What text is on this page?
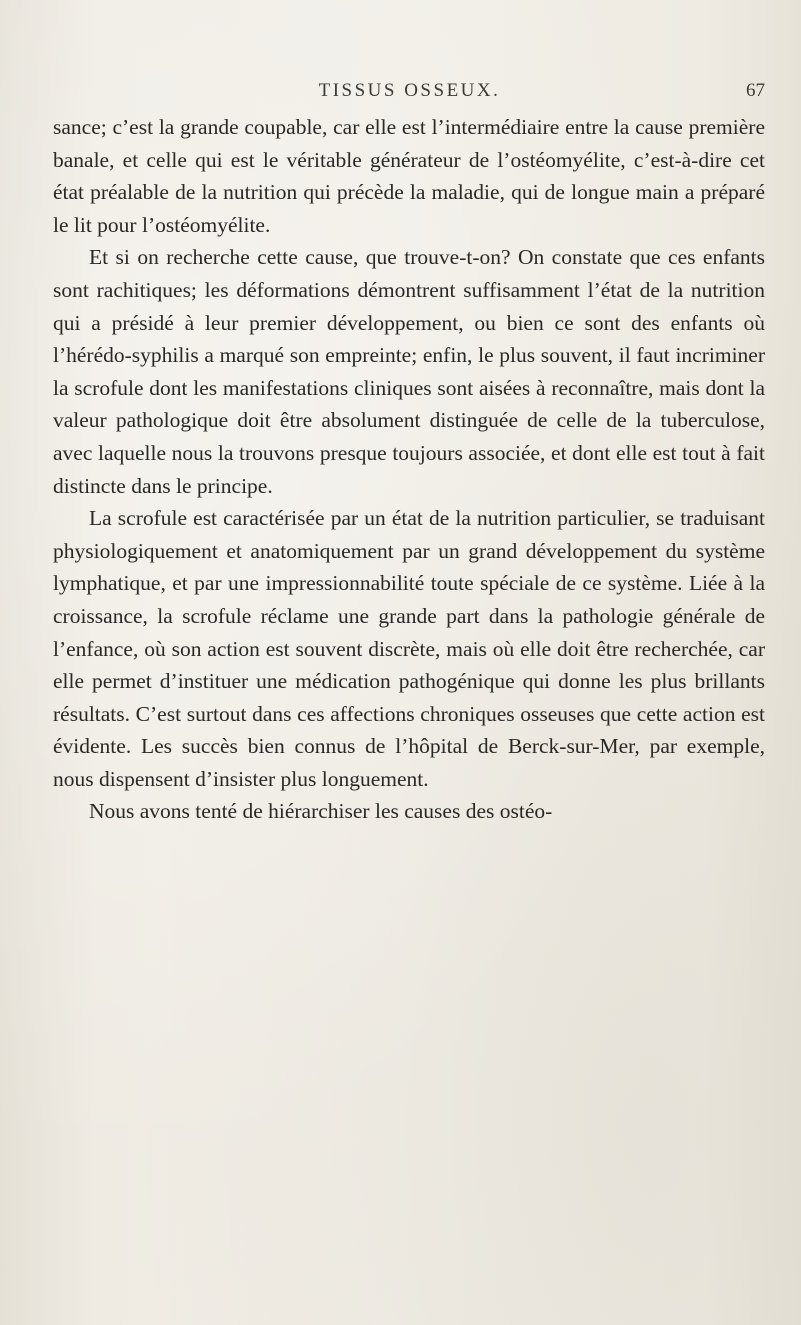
TISSUS OSSEUX.	67

sance; c’est la grande coupable, car elle est l’intermédiaire entre la cause première banale, et celle qui est le véritable générateur de l’ostéomyélite, c’est-à-dire cet état préalable de la nutrition qui précède la maladie, qui de longue main a préparé le lit pour l’ostéomyélite.

Et si on recherche cette cause, que trouve-t-on? On constate que ces enfants sont rachitiques; les déformations démontrent suffisamment l’état de la nutrition qui a présidé à leur premier développement, ou bien ce sont des enfants où l’hérédo-syphilis a marqué son empreinte; enfin, le plus souvent, il faut incriminer la scrofule dont les manifestations cliniques sont aisées à reconnaître, mais dont la valeur pathologique doit être absolument distinguée de celle de la tuberculose, avec laquelle nous la trouvons presque toujours associée, et dont elle est tout à fait distincte dans le principe.

La scrofule est caractérisée par un état de la nutrition particulier, se traduisant physiologiquement et anatomiquement par un grand développement du système lymphatique, et par une impressionnabilité toute spéciale de ce système. Liée à la croissance, la scrofule réclame une grande part dans la pathologie générale de l’enfance, où son action est souvent discrète, mais où elle doit être recherchée, car elle permet d’instituer une médication pathogénique qui donne les plus brillants résultats. C’est surtout dans ces affections chroniques osseuses que cette action est évidente. Les succès bien connus de l’hôpital de Berck-sur-Mer, par exemple, nous dispensent d’insister plus longuement.

Nous avons tenté de hiérarchiser les causes des ostéo-
